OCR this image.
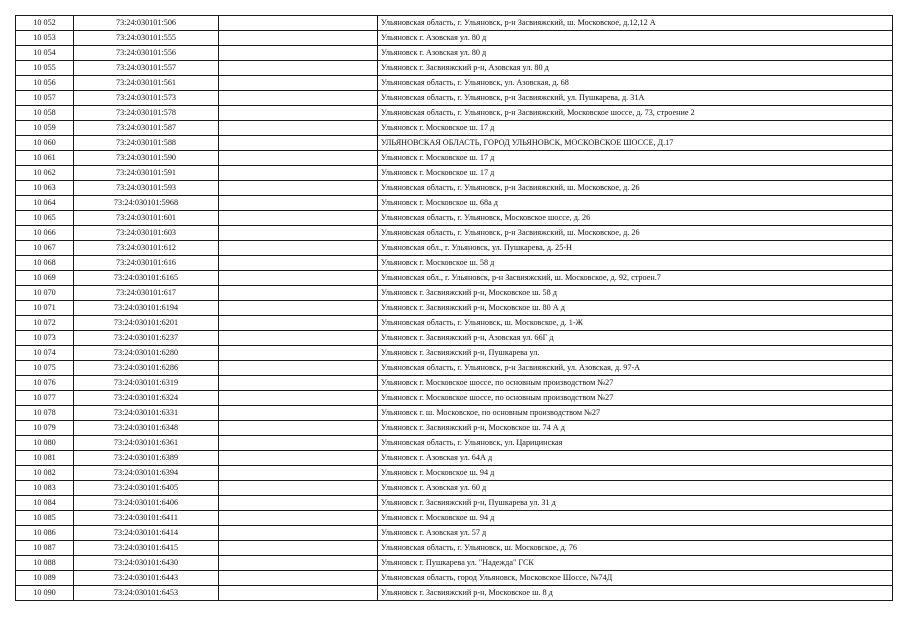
10 052	73:24:030101:506		Ульяновская область, г. Ульяновск, р-н Засвияжский, ш. Московское, д.12,12 А
10 053	73:24:030101:555		Ульяновск г. Азовская ул. 80 д
10 054	73:24:030101:556		Ульяновск г. Азовская ул. 80 д
10 055	73:24:030101:557		Ульяновск г. Засвияжский р-н, Азовская ул. 80 д
10 056	73:24:030101:561		Ульяновская область, г. Ульяновск, ул. Азовская, д. 68
10 057	73:24:030101:573		Ульяновская область, г. Ульяновск, р-н Засвияжский, ул. Пушкарева, д. 31А
10 058	73:24:030101:578		Ульяновская область, г. Ульяновск, р-н Засвияжский, Московское шоссе, д. 73, строение 2
10 059	73:24:030101:587		Ульяновск г. Московское ш. 17 д
10 060	73:24:030101:588		УЛЬЯНОВСКАЯ ОБЛАСТЬ, ГОРОД УЛЬЯНОВСК, МОСКОВСКОЕ ШОССЕ, Д.17
10 061	73:24:030101:590		Ульяновск г. Московское ш. 17 д
10 062	73:24:030101:591		Ульяновск г. Московское ш. 17 д
10 063	73:24:030101:593		Ульяновская область, г. Ульяновск, р-н Засвияжский, ш. Московское, д. 26
10 064	73:24:030101:5968		Ульяновск г. Московское ш. 68а д
10 065	73:24:030101:601		Ульяновская область, г. Ульяновск, Московское шоссе, д. 26
10 066	73:24:030101:603		Ульяновская область, г. Ульяновск, р-н Засвияжский, ш. Московское, д. 26
10 067	73:24:030101:612		Ульяновская обл., г. Ульяновск, ул. Пушкарева, д. 25-Н
10 068	73:24:030101:616		Ульяновск г. Московское ш. 58 д
10 069	73:24:030101:6165		Ульяновская обл., г. Ульяновск, р-н Засвияжский, ш. Московское, д. 92, строен.7
10 070	73:24:030101:617		Ульяновск г. Засвияжский р-н, Московское ш. 58 д
10 071	73:24:030101:6194		Ульяновск г. Засвияжский р-н, Московское ш. 80 А д
10 072	73:24:030101:6201		Ульяновская область, г. Ульяновск, ш. Московское, д. 1-Ж
10 073	73:24:030101:6237		Ульяновск г. Засвияжский р-н, Азовская ул. 66Г д
10 074	73:24:030101:6280		Ульяновск г. Засвияжский р-н, Пушкарева ул.
10 075	73:24:030101:6286		Ульяновская область, г. Ульяновск, р-н Засвияжский, ул. Азовская, д. 97-А
10 076	73:24:030101:6319		Ульяновск г. Московское шоссе, по основным производством №27
10 077	73:24:030101:6324		Ульяновск г. Московское шоссе, по основным производством №27
10 078	73:24:030101:6331		Ульяновск г. ш. Московское, по основным производством №27
10 079	73:24:030101:6348		Ульяновск г. Засвияжский р-н, Московское ш. 74 А д
10 080	73:24:030101:6361		Ульяновская область, г. Ульяновск, ул. Царицинская
10 081	73:24:030101:6389		Ульяновск г. Азовская ул. 64А д
10 082	73:24:030101:6394		Ульяновск г. Московское ш. 94 д
10 083	73:24:030101:6405		Ульяновск г. Азовская ул. 60 д
10 084	73:24:030101:6406		Ульяновск г. Засвияжский р-н, Пушкарева ул. 31 д
10 085	73:24:030101:6411		Ульяновск г. Московское ш. 94 д
10 086	73:24:030101:6414		Ульяновск г. Азовская ул. 57 д
10 087	73:24:030101:6415		Ульяновская область, г. Ульяновск, ш. Московское, д. 76
10 088	73:24:030101:6430		Ульяновск г. Пушкарева ул. "Надежда" ГСК
10 089	73:24:030101:6443		Ульяновская область, город Ульяновск, Московское Шоссе, №74Д
10 090	73:24:030101:6453		Ульяновск г. Засвияжский р-н, Московское ш. 8 д
